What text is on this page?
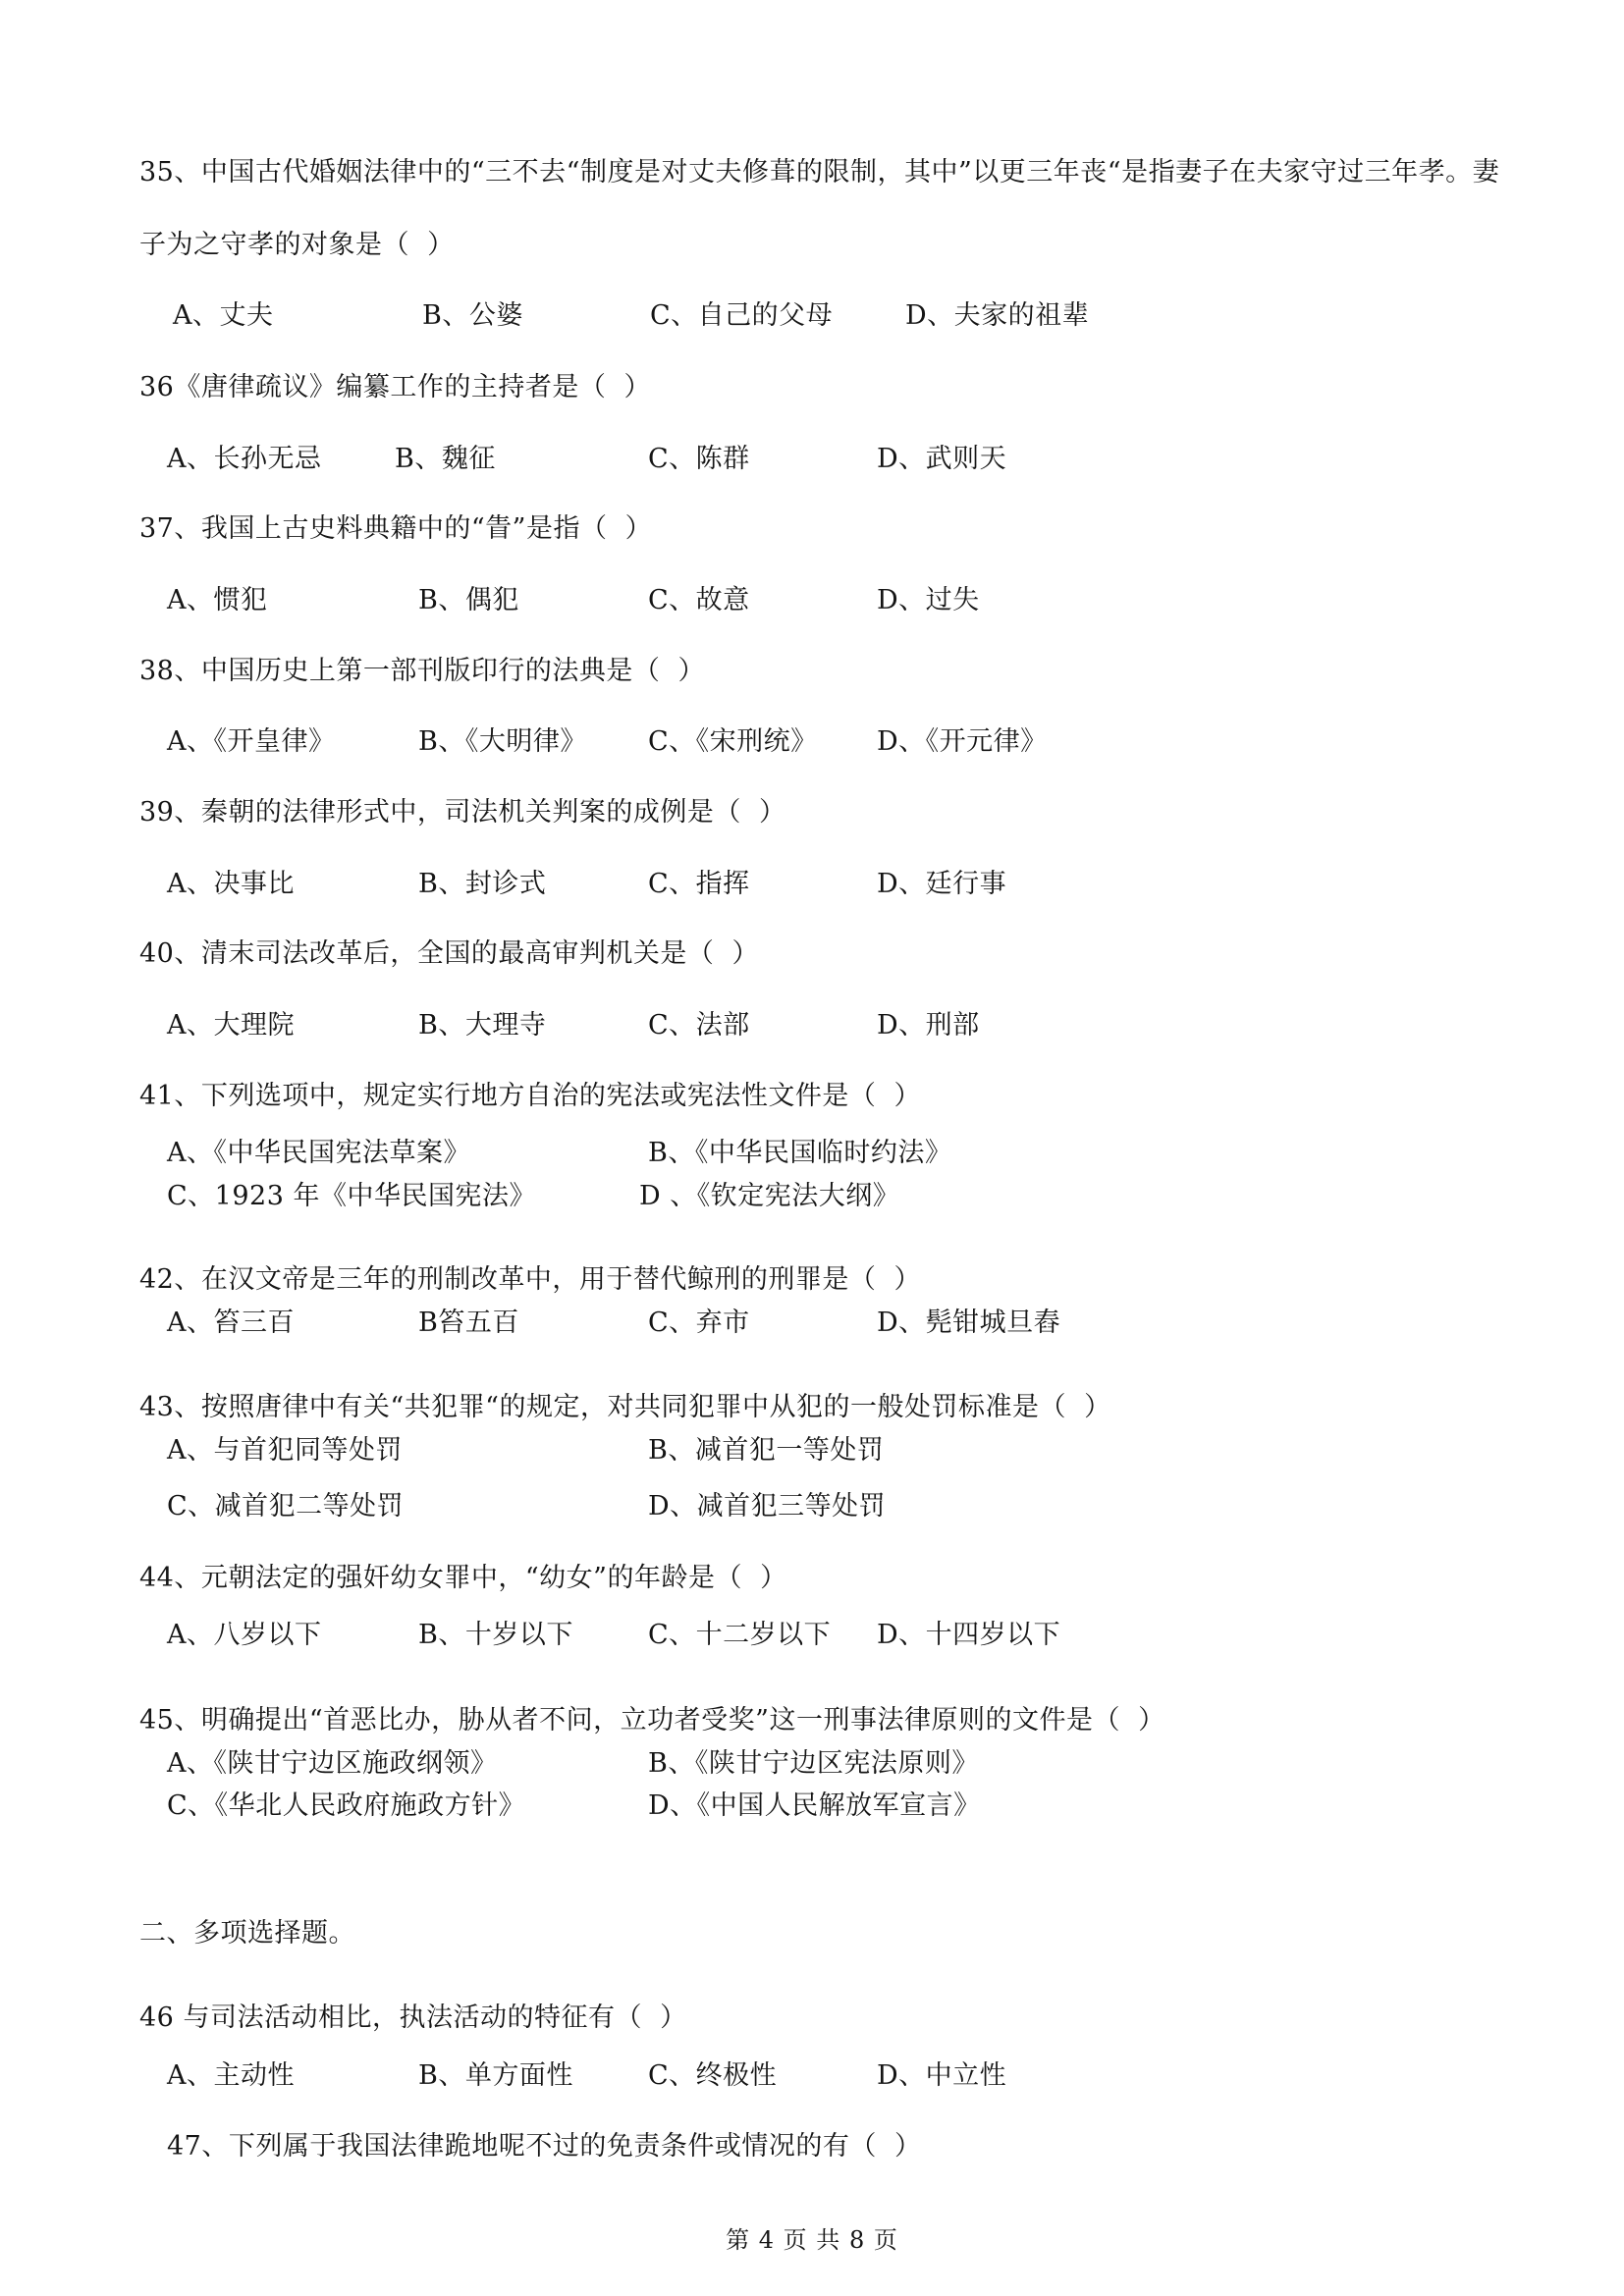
35、中国古代婚姻法律中的“三不去“制度是对丈夫修葺的限制，其中”以更三年丧“是指妻子在夫家守过三年孝。妻
子为之守孝的对象是（  ）
A、丈夫	B、公婆	C、自己的父母	D、夫家的祖辈
36《唐律疏议》编纂工作的主持者是（  ）
A、长孙无忌	B、魏征	C、陈群	D、武则天
37、我国上古史料典籍中的“眚”是指（  ）
A、惯犯	B、偶犯	C、故意	D、过失
38、中国历史上第一部刊版印行的法典是（  ）
A、《开皇律》	B、《大明律》 C、《宋刑统》 D、《开元律》
39、秦朝的法律形式中，司法机关判案的成例是（  ）
A、决事比	B、封诊式	C、指挥	D、廷行事
40、清末司法改革后，全国的最高审判机关是（  ）
A、大理院	B、大理寺	C、法部	D、刑部
41、下列选项中，规定实行地方自治的宪法或宪法性文件是（  ）
A、《中华民国宪法草案》	B、《中华民国临时约法》
C、1923 年《中华民国宪法》	D 、《钦定宪法大纲》
42、在汉文帝是三年的刑制改革中，用于替代鲸刑的刑罪是（  ）
A、笞三百	B笞五百	C、弃市	D、髡钳城旦舂
43、按照唐律中有关“共犯罪“的规定，对共同犯罪中从犯的一般处罚标准是（  ）
A、与首犯同等处罚	B、减首犯一等处罚
C、减首犯二等处罚	D、减首犯三等处罚
44、元朝法定的强奸幼女罪中，“幼女”的年龄是（  ）
A、八岁以下	B、十岁以下	C、十二岁以下 D、十四岁以下
45、明确提出“首恶比办，胁从者不问，立功者受奖”这一刑事法律原则的文件是（  ）
A、《陕甘宁边区施政纲领》	B、《陕甘宁边区宪法原则》
C、《华北人民政府施政方针》	D、《中国人民解放军宣言》
二、多项选择题。
46 与司法活动相比，执法活动的特征有（  ）
A、主动性	B、单方面性	C、终极性	D、中立性
47、下列属于我国法律跪地呢不过的免责条件或情况的有（  ）
第 4 页 共 8 页
